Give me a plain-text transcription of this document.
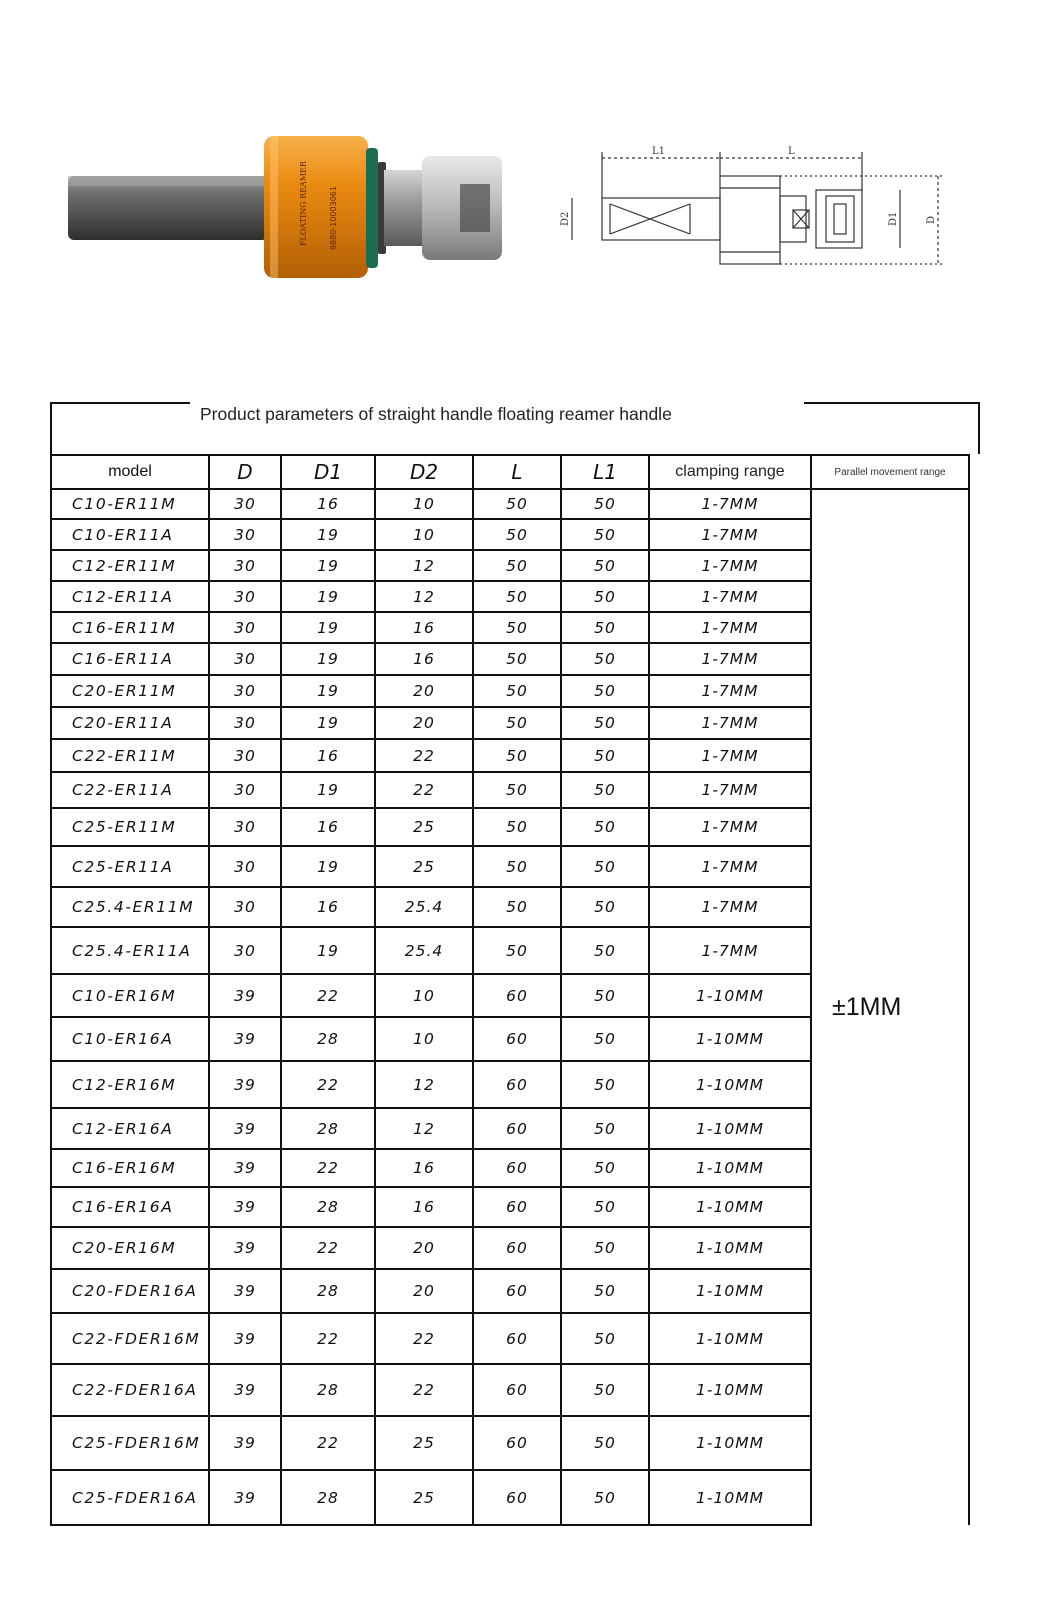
FLOATING REAMER	9880-10003061
L1	L
D2	D1	D
Product parameters of straight handle floating reamer handle
model	D	D1	D2	L	L1	clamping range	Parallel movement range
C10-ER11M	30	16	10	50	50	1-7MM	±1MM
C10-ER11A	30	19	10	50	50	1-7MM	
C12-ER11M	30	19	12	50	50	1-7MM	
C12-ER11A	30	19	12	50	50	1-7MM	
C16-ER11M	30	19	16	50	50	1-7MM	
C16-ER11A	30	19	16	50	50	1-7MM	
C20-ER11M	30	19	20	50	50	1-7MM	
C20-ER11A	30	19	20	50	50	1-7MM	
C22-ER11M	30	16	22	50	50	1-7MM	
C22-ER11A	30	19	22	50	50	1-7MM	
C25-ER11M	30	16	25	50	50	1-7MM	
C25-ER11A	30	19	25	50	50	1-7MM	
C25.4-ER11M	30	16	25.4	50	50	1-7MM	
C25.4-ER11A	30	19	25.4	50	50	1-7MM	
C10-ER16M	39	22	10	60	50	1-10MM	
C10-ER16A	39	28	10	60	50	1-10MM	
C12-ER16M	39	22	12	60	50	1-10MM	
C12-ER16A	39	28	12	60	50	1-10MM	
C16-ER16M	39	22	16	60	50	1-10MM	
C16-ER16A	39	28	16	60	50	1-10MM	
C20-ER16M	39	22	20	60	50	1-10MM	
C20-FDER16A	39	28	20	60	50	1-10MM	
C22-FDER16M	39	22	22	60	50	1-10MM	
C22-FDER16A	39	28	22	60	50	1-10MM	
C25-FDER16M	39	22	25	60	50	1-10MM	
C25-FDER16A	39	28	25	60	50	1-10MM	
